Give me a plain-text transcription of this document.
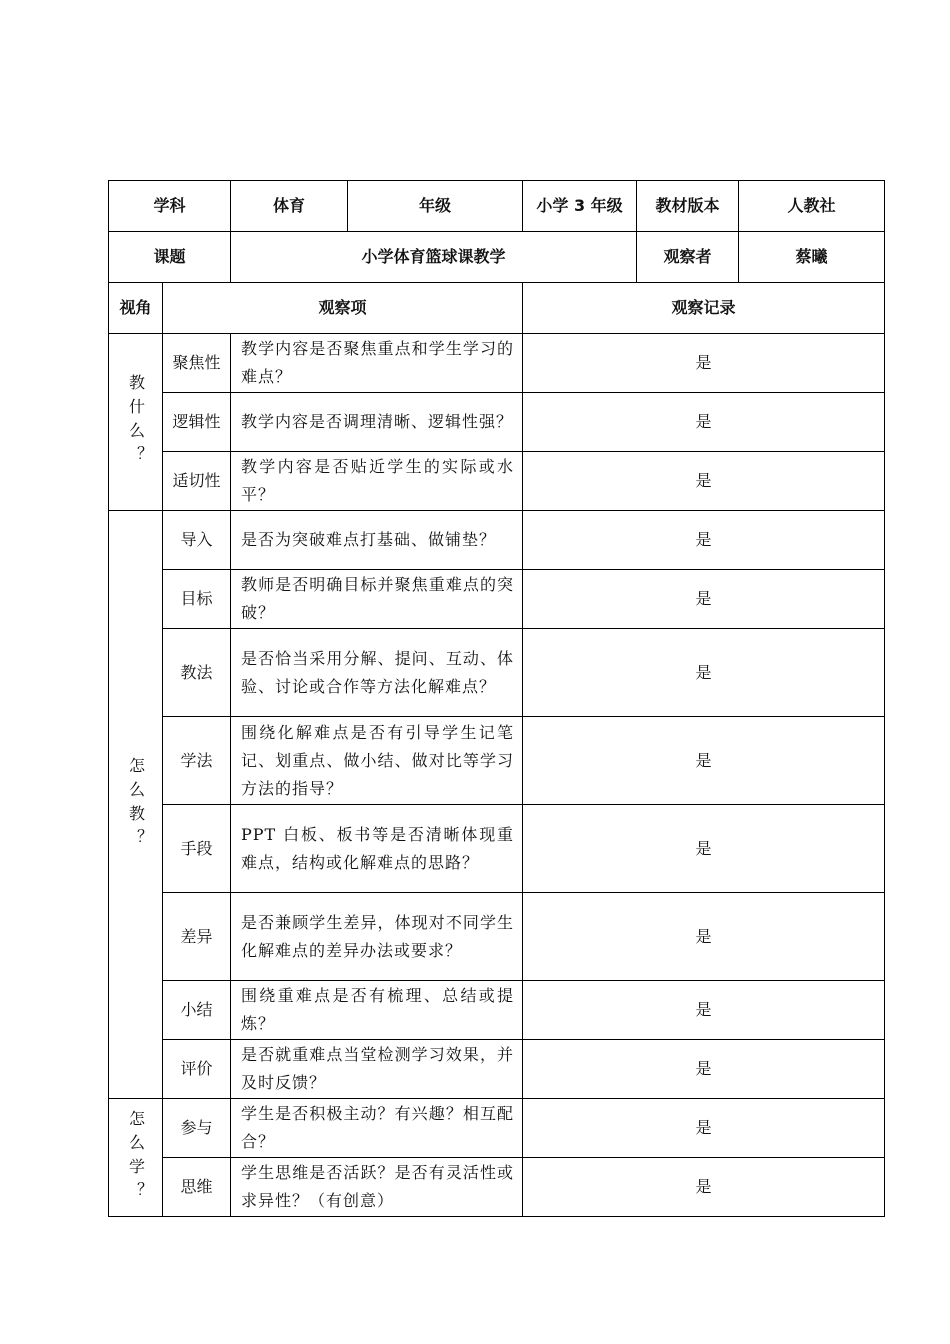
学科		体育	年级	小学 3 年级	教材版本	人教社
课题		小学体育篮球课教学			观察者	蔡曦
视角	观察项			观察记录		

教什么？	聚焦性	教学内容是否聚焦重点和学生学习的难点？		是		
	逻辑性	教学内容是否调理清晰、逻辑性强？		是		
	适切性	教学内容是否贴近学生的实际或水平？		是		

怎么教？	导入	是否为突破难点打基础、做铺垫？		是		
	目标	教师是否明确目标并聚焦重难点的突破？		是		
	教法	是否恰当采用分解、提问、互动、体验、讨论或合作等方法化解难点？		是		
	学法	围绕化解难点是否有引导学生记笔记、划重点、做小结、做对比等学习方法的指导？		是		
	手段	PPT 白板、板书等是否清晰体现重难点，结构或化解难点的思路？		是		
	差异	是否兼顾学生差异，体现对不同学生化解难点的差异办法或要求？		是		
	小结	围绕重难点是否有梳理、总结或提炼？		是		
	评价	是否就重难点当堂检测学习效果，并及时反馈？		是		

怎么学？	参与	学生是否积极主动？有兴趣？相互配合？		是		
	思维	学生思维是否活跃？是否有灵活性或求异性？（有创意）		是		
